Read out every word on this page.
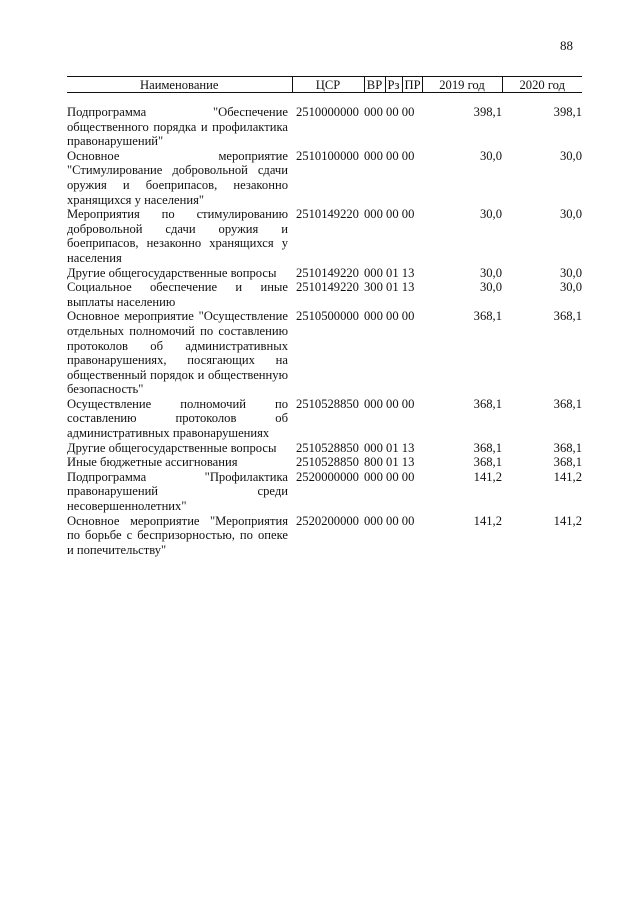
88
Наименование	ЦСР	ВР	Рз	ПР	2019 год	2020 год

Подпрограмма "Обеспечение общественного порядка и профилактика правонарушений"	2510000000	000 00 00			398,1	398,1
Основное мероприятие "Стимулирование добровольной сдачи оружия и боеприпасов, незаконно хранящихся у населения"	2510100000	000 00 00			30,0	30,0
Мероприятия по стимулированию добровольной сдачи оружия и боеприпасов, незаконно хранящихся у населения	2510149220	000 00 00			30,0	30,0
Другие общегосударственные вопросы	2510149220	000 01 13			30,0	30,0
Социальное обеспечение и иные выплаты населению	2510149220	300 01 13			30,0	30,0
Основное мероприятие "Осуществление отдельных полномочий по составлению протоколов об административных правонарушениях, посягающих на общественный порядок и общественную безопасность"	2510500000	000 00 00			368,1	368,1
Осуществление полномочий по составлению протоколов об административных правонарушениях	2510528850	000 00 00			368,1	368,1
Другие общегосударственные вопросы	2510528850	000 01 13			368,1	368,1
Иные бюджетные ассигнования	2510528850	800 01 13			368,1	368,1
Подпрограмма "Профилактика правонарушений среди несовершеннолетних"	2520000000	000 00 00			141,2	141,2
Основное мероприятие "Мероприятия по борьбе с беспризорностью, по опеке и попечительству"	2520200000	000 00 00			141,2	141,2
